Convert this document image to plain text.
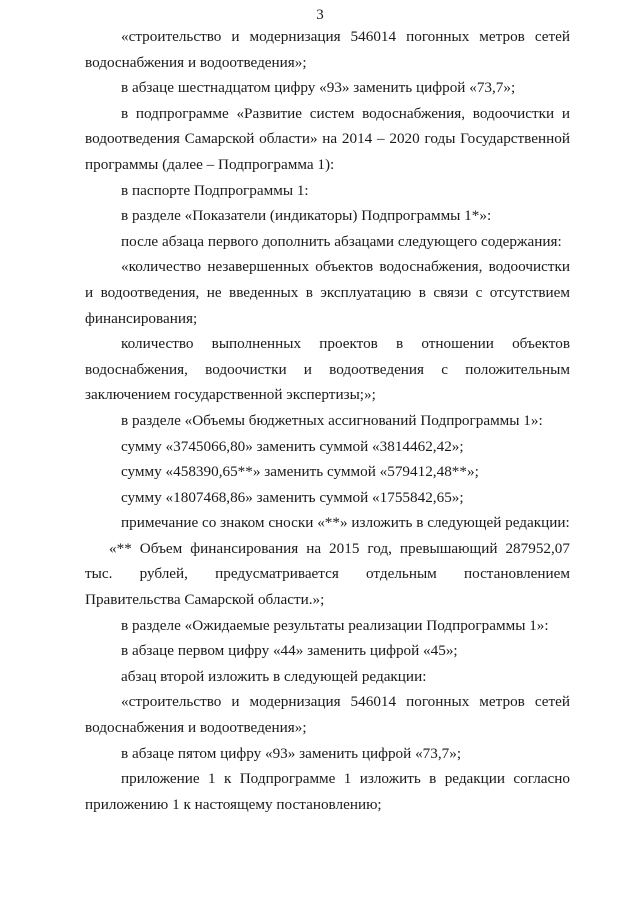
3

«строительство и модернизация 546014 погонных метров сетей водоснабжения и водоотведения»;

в абзаце шестнадцатом цифру «93» заменить цифрой «73,7»;

в подпрограмме «Развитие систем водоснабжения, водоочистки и водоотведения Самарской области» на 2014 – 2020 годы Государственной программы (далее – Подпрограмма 1):

в паспорте Подпрограммы 1:

в разделе «Показатели (индикаторы) Подпрограммы 1*»:

после абзаца первого дополнить абзацами следующего содержания:

«количество незавершенных объектов водоснабжения, водоочистки и водоотведения, не введенных в эксплуатацию в связи с отсутствием финансирования;

количество выполненных проектов в отношении объектов водоснабжения, водоочистки и водоотведения с положительным заключением государственной экспертизы;»;

в разделе «Объемы бюджетных ассигнований Подпрограммы 1»:

сумму «3745066,80» заменить суммой «3814462,42»;

сумму «458390,65**» заменить суммой «579412,48**»;

сумму «1807468,86» заменить суммой «1755842,65»;

примечание со знаком сноски «**» изложить в следующей редакции:

«** Объем финансирования на 2015 год, превышающий 287952,07 тыс. рублей, предусматривается отдельным постановлением Правительства Самарской области.»;

в разделе «Ожидаемые результаты реализации Подпрограммы 1»:

в абзаце первом цифру «44» заменить цифрой «45»;

абзац второй изложить в следующей редакции:

«строительство и модернизация 546014 погонных метров сетей водоснабжения и водоотведения»;

в абзаце пятом цифру «93» заменить цифрой «73,7»;

приложение 1 к Подпрограмме 1 изложить в редакции согласно приложению 1 к настоящему постановлению;
